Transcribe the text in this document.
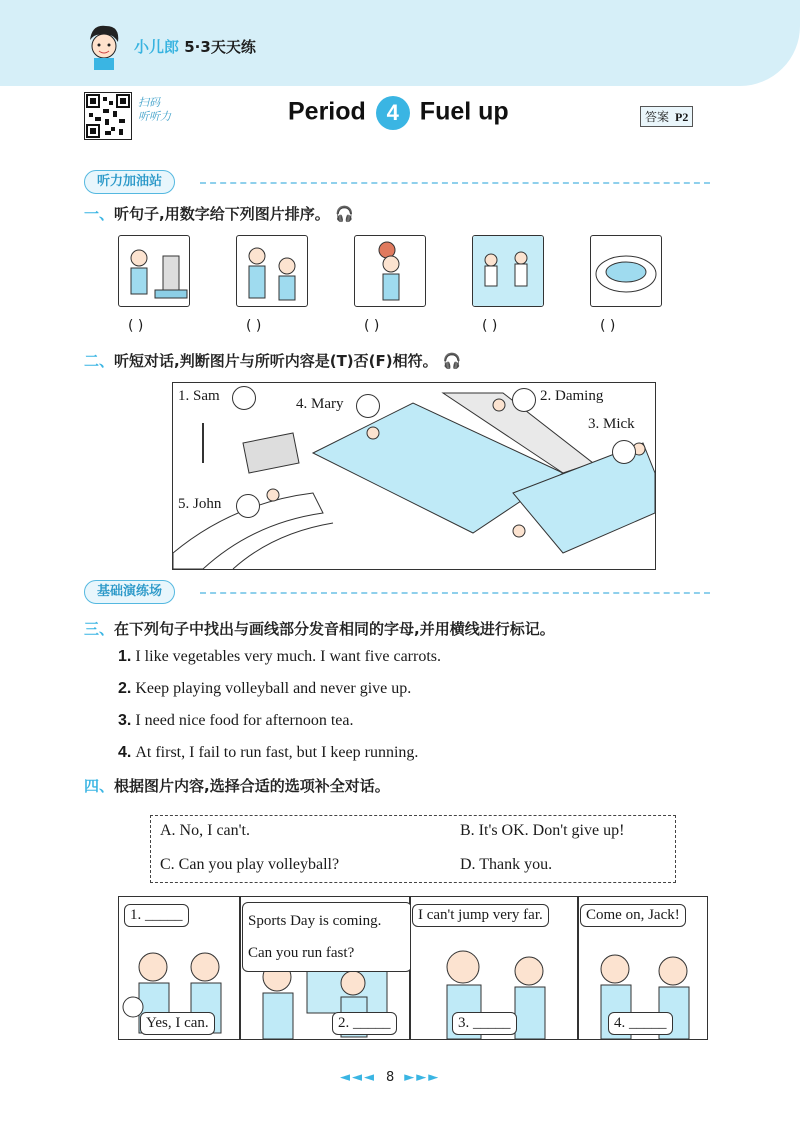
小儿郎 5·3天天练
扫码
听听力	Period 4 Fuel up	答案 P2
听力加油站
一、听句子,用数字给下列图片排序。 🎧
( )	( )	( )	( )	( )
二、听短对话,判断图片与所听内容是(T)否(F)相符。 🎧
1. Sam	4. Mary	2. Daming
3. Mick
5. John
基础演练场
三、在下列句子中找出与画线部分发音相同的字母,并用横线进行标记。
1. I like vegetables very much. I want five carrots.
2. Keep playing volleyball and never give up.
3. I need nice food for afternoon tea.
4. At first, I fail to run fast, but I keep running.
四、根据图片内容,选择合适的选项补全对话。
A. No, I can't.	B. It's OK. Don't give up!
C. Can you play volleyball?	D. Thank you.
1. _____
Yes, I can.
Sports Day is coming.
Can you run fast?
2. _____
I can't jump very far.
3. _____
Come on, Jack!
4. _____
◄◄◄ 8 ►►►
